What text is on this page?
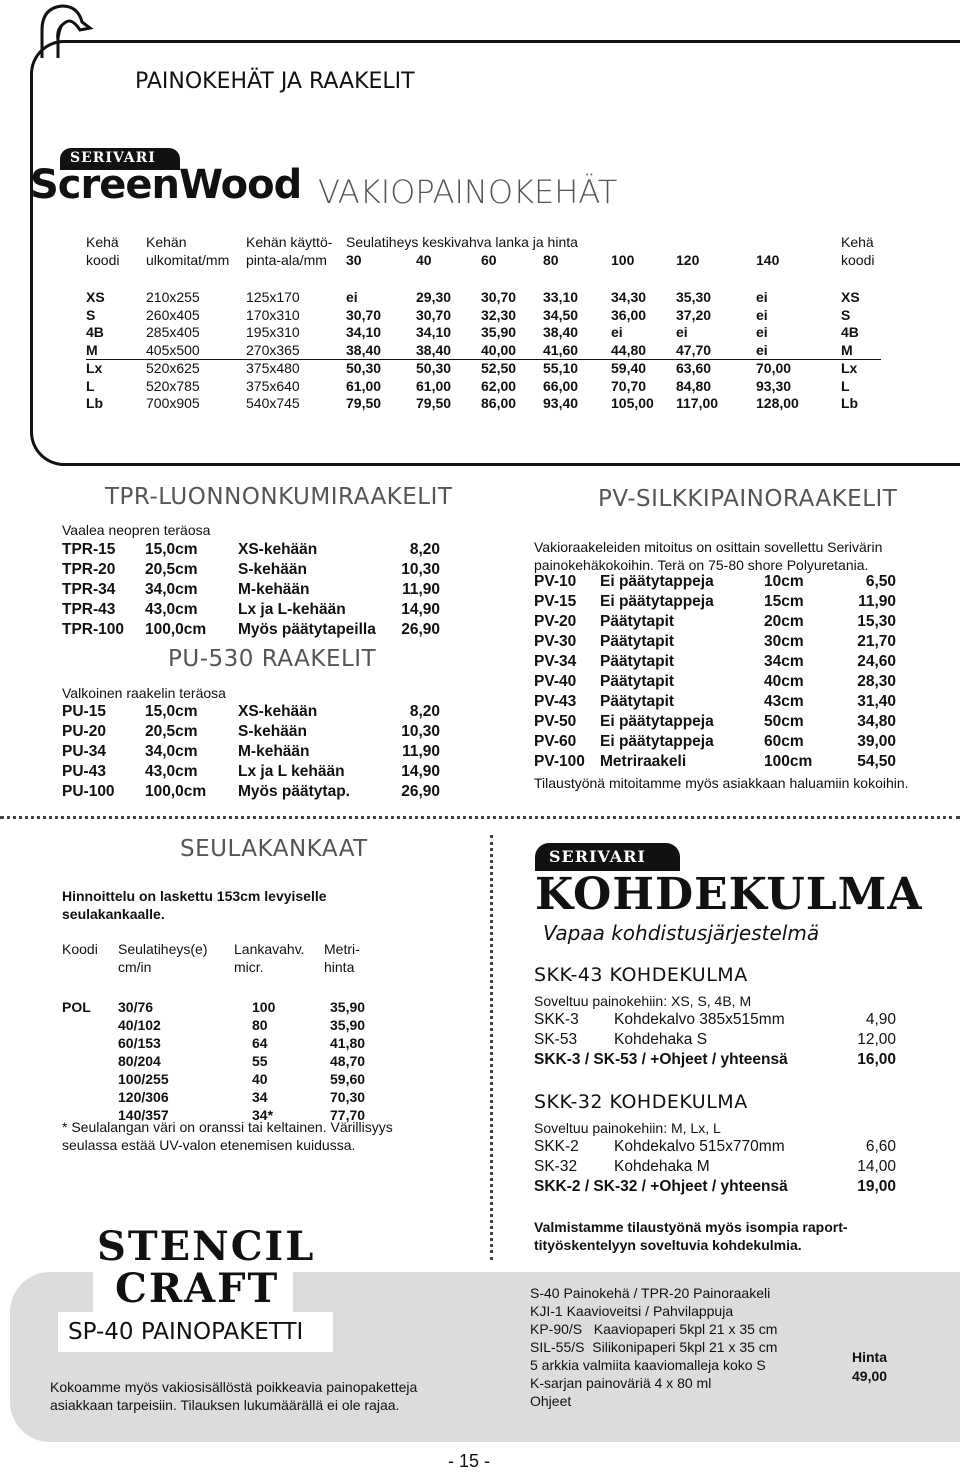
PAINOKEHÄT JA RAAKELIT
SERIVARI
ScreenWood VAKIOPAINOKEHÄT
Kehä	Kehän	Kehän käyttö-	Seulatiheys keskivahva lanka ja hinta							Kehä
koodi	ulkomitat/mm	pinta-ala/mm	30	40	60	80	100	120	140	koodi

XS	210x255	125x170	ei	29,30	30,70	33,10	34,30	35,30	ei	XS
S	260x405	170x310	30,70	30,70	32,30	34,50	36,00	37,20	ei	S
4B	285x405	195x310	34,10	34,10	35,90	38,40	ei	ei	ei	4B
M	405x500	270x365	38,40	38,40	40,00	41,60	44,80	47,70	ei	M
Lx	520x625	375x480	50,30	50,30	52,50	55,10	59,40	63,60	70,00	Lx
L	520x785	375x640	61,00	61,00	62,00	66,00	70,70	84,80	93,30	L
Lb	700x905	540x745	79,50	79,50	86,00	93,40	105,00	117,00	128,00	Lb
TPR-LUONNONKUMIRAAKELIT
Vaalea neopren teräosa
TPR-15	15,0cm	XS-kehään	8,20
TPR-20	20,5cm	S-kehään	10,30
TPR-34	34,0cm	M-kehään	11,90
TPR-43	43,0cm	Lx ja L-kehään	14,90
TPR-100	100,0cm	Myös päätytapeilla	26,90
PU-530 RAAKELIT
Valkoinen raakelin teräosa
PU-15	15,0cm	XS-kehään	8,20
PU-20	20,5cm	S-kehään	10,30
PU-34	34,0cm	M-kehään	11,90
PU-43	43,0cm	Lx ja L kehään	14,90
PU-100	100,0cm	Myös päätytap.	26,90
PV-SILKKIPAINORAAKELIT
Vakioraakeleiden mitoitus on osittain sovellettu Serivärin
painokehäkokoihin. Terä on 75-80 shore Polyuretania.
PV-10	Ei päätytappeja	10cm	6,50
PV-15	Ei päätytappeja	15cm	11,90
PV-20	Päätytapit	20cm	15,30
PV-30	Päätytapit	30cm	21,70
PV-34	Päätytapit	34cm	24,60
PV-40	Päätytapit	40cm	28,30
PV-43	Päätytapit	43cm	31,40
PV-50	Ei päätytappeja	50cm	34,80
PV-60	Ei päätytappeja	60cm	39,00
PV-100	Metriraakeli	100cm	54,50
Tilaustyönä mitoitamme myös asiakkaan haluamiin kokoihin.
SEULAKANKAAT
Hinnoittelu on laskettu 153cm levyiselle
seulakankaalle.
Koodi	Seulatiheys(e)	Lankavahv.	Metri-
	cm/in	micr.	hinta

POL	30/76	100	35,90
	40/102	80	35,90
	60/153	64	41,80
	80/204	55	48,70
	100/255	40	59,60
	120/306	34	70,30
	140/357	34*	77,70
* Seulalangan väri on oranssi tai keltainen. Värillisyys
seulassa estää UV-valon etenemisen kuidussa.
SERIVARI
KOHDEKULMA
Vapaa kohdistusjärjestelmä
SKK-43 KOHDEKULMA
Soveltuu painokehiin: XS, S, 4B, M
SKK-3	Kohdekalvo 385x515mm	4,90
SK-53	Kohdehaka S	12,00
SKK-3 / SK-53 / +Ohjeet / yhteensä		16,00
SKK-32 KOHDEKULMA
Soveltuu painokehiin: M, Lx, L
SKK-2	Kohdekalvo 515x770mm	6,60
SK-32	Kohdehaka M	14,00
SKK-2 / SK-32 / +Ohjeet / yhteensä		19,00
Valmistamme tilaustyönä myös isompia raport-
tityöskentelyyn soveltuvia kohdekulmia.
STENCIL
CRAFT
SP-40 PAINOPAKETTI
Kokoamme myös vakiosisällöstä poikkeavia painopaketteja
asiakkaan tarpeisiin. Tilauksen lukumäärällä ei ole rajaa.
S-40 Painokehä / TPR-20 Painoraakeli
KJI-1 Kaavioveitsi / Pahvilappuja
KP-90/S   Kaaviopaperi 5kpl 21 x 35 cm
SIL-55/S  Silikonipaperi 5kpl 21 x 35 cm
5 arkkia valmiita kaaviomalleja koko S
K-sarjan painoväriä 4 x 80 ml
Ohjeet
Hinta
49,00
- 15 -
